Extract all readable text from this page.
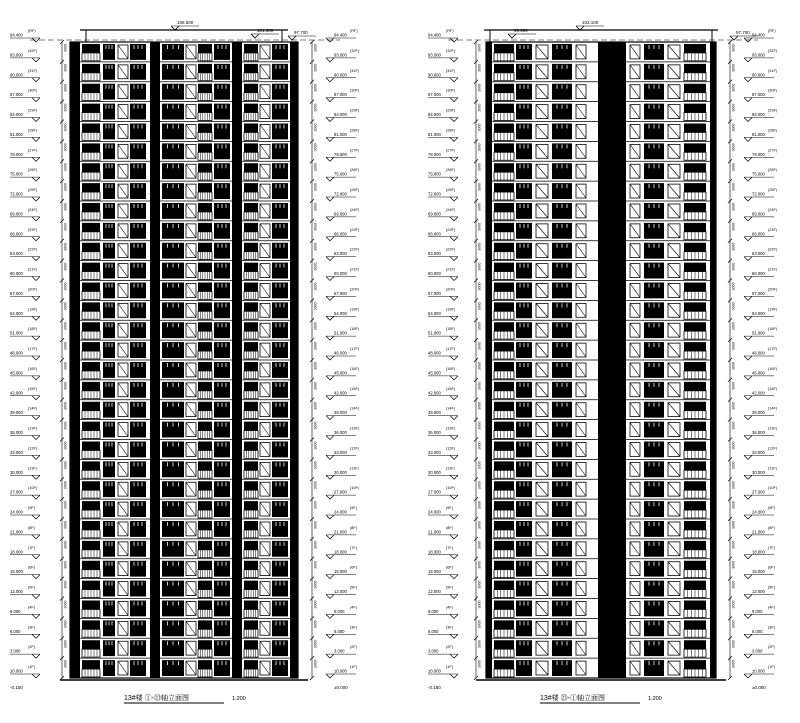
106.500
101.300	97.700
±0.000
(1F)	3000
3.000
(2F)	3000
6.000
(3F)	3000
9.000
(4F)	3000
12.000
(5F)	3000
15.000
(6F)	3000
18.000
(7F)	3000
21.000
(8F)	3000
24.000
(9F)	3000
27.000
(10F)	3000
30.000
(11F)	3000
33.000
(12F)	3000
36.000
(13F)	3000
39.000
(14F)	3000
42.000
(15F)	3000
45.000
(16F)	3000
48.000
(17F)	3000
51.000
(18F)	3000
54.000
(19F)	3000
57.000
(20F)	3000
60.000
(21F)	3000
63.000
(22F)	3000
66.000
(23F)	3000
69.000
(24F)	3000
72.000
(25F)	3000
75.000
(26F)	3000
78.000
(27F)	3000
81.000
(28F)	3000
84.000
(29F)	3000
87.000
(30F)	3000
90.000
(31F)	3000
93.000
(32F)	3000
94.400
(RF)
±0.000
(1F)
3000
3.000
(2F)
3000
6.000
(3F)
3000
9.000
(4F)
3000
12.000
(5F)
3000
15.000
(6F)
3000
18.000
(7F)
3000
21.000
(8F)
3000
24.000
(9F)
3000
27.000
(10F)
3000
30.000
(11F)
3000
33.000
(12F)
3000
36.000
(13F)
3000
39.000
(14F)
3000
42.000
(15F)
3000
45.000
(16F)
3000
48.000
(17F)
3000
51.000
(18F)
3000
54.000
(19F)
3000
57.000
(20F)
3000
60.000
(21F)
3000
63.000
(22F)
3000
66.000
(23F)
3000
69.000
(24F)
3000
72.000
(25F)
3000
75.000
(26F)
3000
78.000
(27F)
3000
81.000
(28F)
3000
84.000
(29F)
3000
87.000
(30F)
3000
90.000
(31F)
3000
93.000
(32F)
3000
94.400
(RF)
-0.150	±0.000
13#楼 ①-㉓轴立面图	1:200
102.100
99.900	97.700
±0.000
(1F)	3000
3.000
(2F)	3000
6.000
(3F)	3000
9.000
(4F)	3000
12.000
(5F)	3000
15.000
(6F)	3000
18.000
(7F)	3000
21.000
(8F)	3000
24.000
(9F)	3000
27.000
(10F)	3000
30.000
(11F)	3000
33.000
(12F)	3000
36.000
(13F)	3000
39.000
(14F)	3000
42.000
(15F)	3000
45.000
(16F)	3000
48.000
(17F)	3000
51.000
(18F)	3000
54.000
(19F)	3000
57.000
(20F)	3000
60.000
(21F)	3000
63.000
(22F)	3000
66.000
(23F)	3000
69.000
(24F)	3000
72.000
(25F)	3000
75.000
(26F)	3000
78.000
(27F)	3000
81.000
(28F)	3000
84.000
(29F)	3000
87.000
(30F)	3000
90.000
(31F)	3000
93.000
(32F)	3000
94.400
(RF)
±0.000
(1F)
3000
3.000
(2F)
3000
6.000
(3F)
3000
9.000
(4F)
3000
12.000
(5F)
3000
15.000
(6F)
3000
18.000
(7F)
3000
21.000
(8F)
3000
24.000
(9F)
3000
27.000
(10F)
3000
30.000
(11F)
3000
33.000
(12F)
3000
36.000
(13F)
3000
39.000
(14F)
3000
42.000
(15F)
3000
45.000
(16F)
3000
48.000
(17F)
3000
51.000
(18F)
3000
54.000
(19F)
3000
57.000
(20F)
3000
60.000
(21F)
3000
63.000
(22F)
3000
66.000
(23F)
3000
69.000
(24F)
3000
72.000
(25F)
3000
75.000
(26F)
3000
78.000
(27F)
3000
81.000
(28F)
3000
84.000
(29F)
3000
87.000
(30F)
3000
90.000
(31F)
3000
93.000
(32F)
3000
94.400
(RF)
-0.150	±0.000
13#楼 ㉓-①轴立面图	1:200
